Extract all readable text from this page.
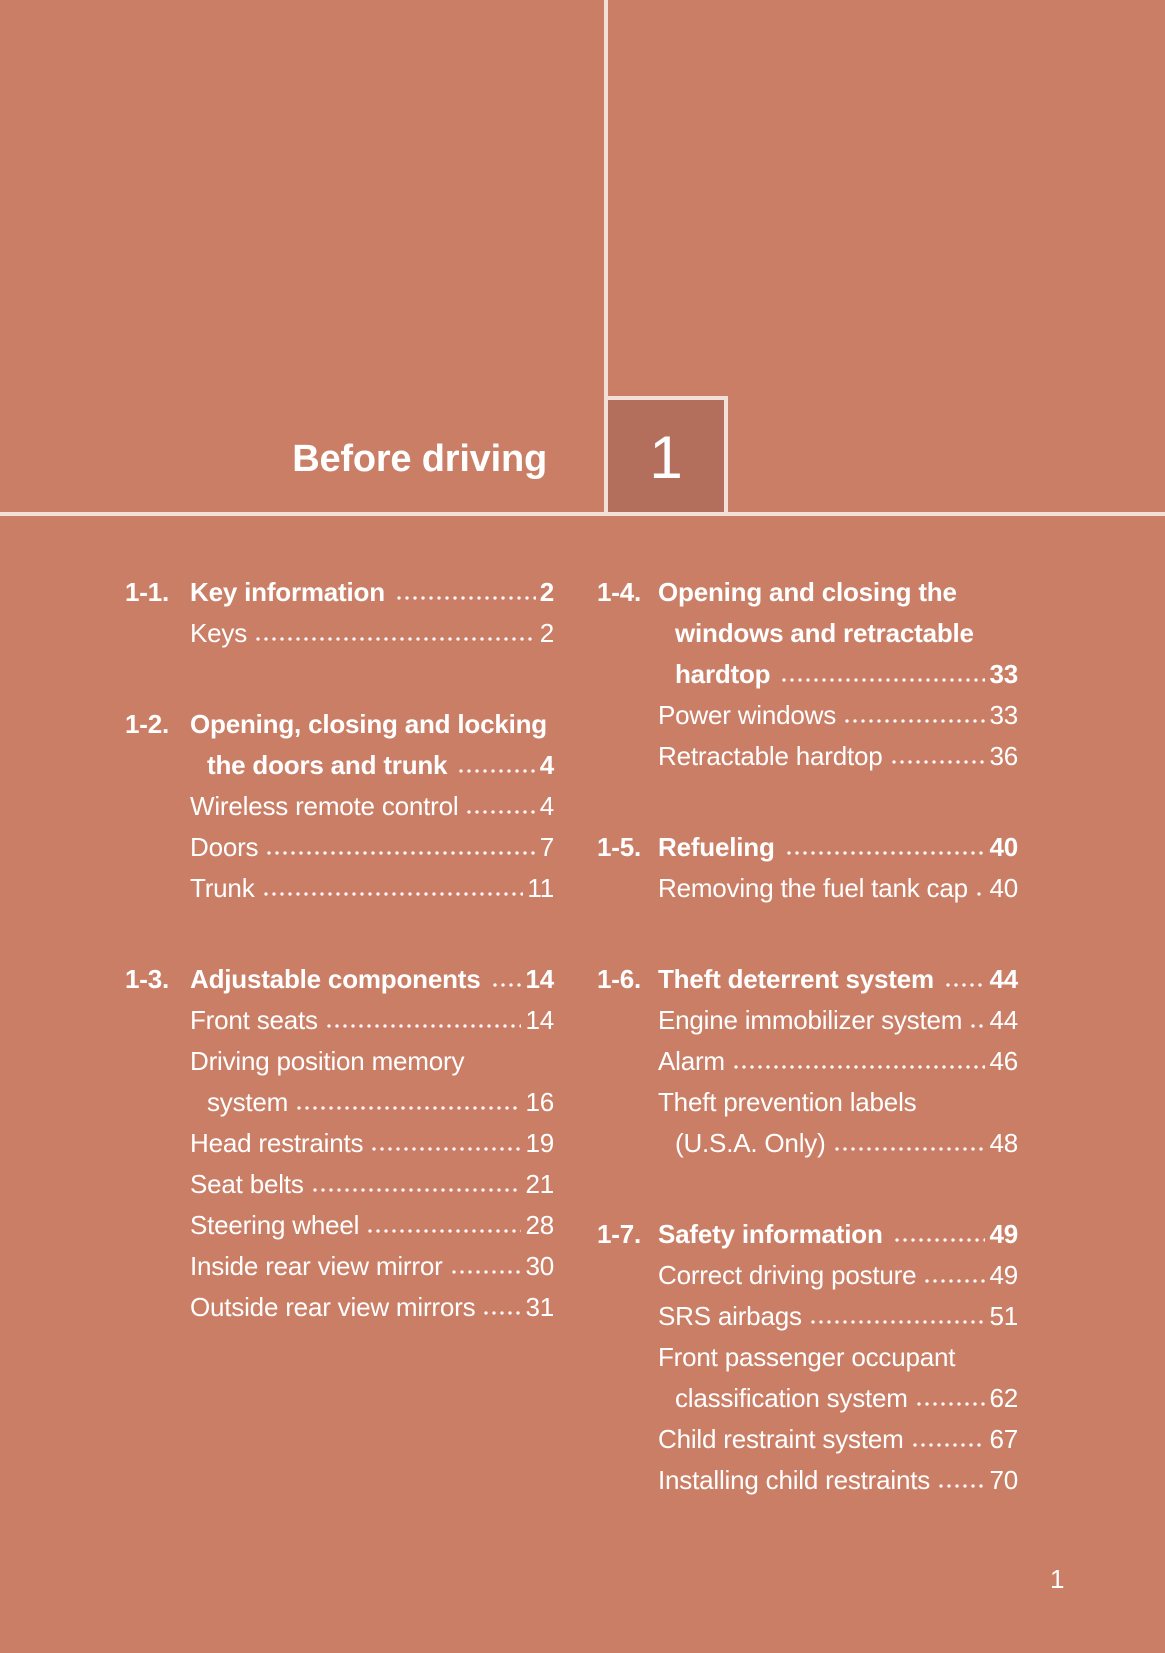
Before driving 1
1-1. Key information	2
Keys	2
1-2. Opening, closing and locking
the doors and trunk	4
Wireless remote control	4
Doors	7
Trunk	11
1-3. Adjustable components 14
Front seats	14
Driving position memory
system	16
Head restraints	19
Seat belts	21
Steering wheel	28
Inside rear view mirror	30
Outside rear view mirrors 31
1-4. Opening and closing the
windows and retractable
hardtop	33
Power windows	33
Retractable hardtop	36
1-5. Refueling	40
Removing the fuel tank cap 40
1-6. Theft deterrent system 44
Engine immobilizer system 44
Alarm	46
Theft prevention labels
(U.S.A. Only)	48
1-7. Safety information	49
Correct driving posture	49
SRS airbags	51
Front passenger occupant
classification system	62
Child restraint system	67
Installing child restraints 70
1
